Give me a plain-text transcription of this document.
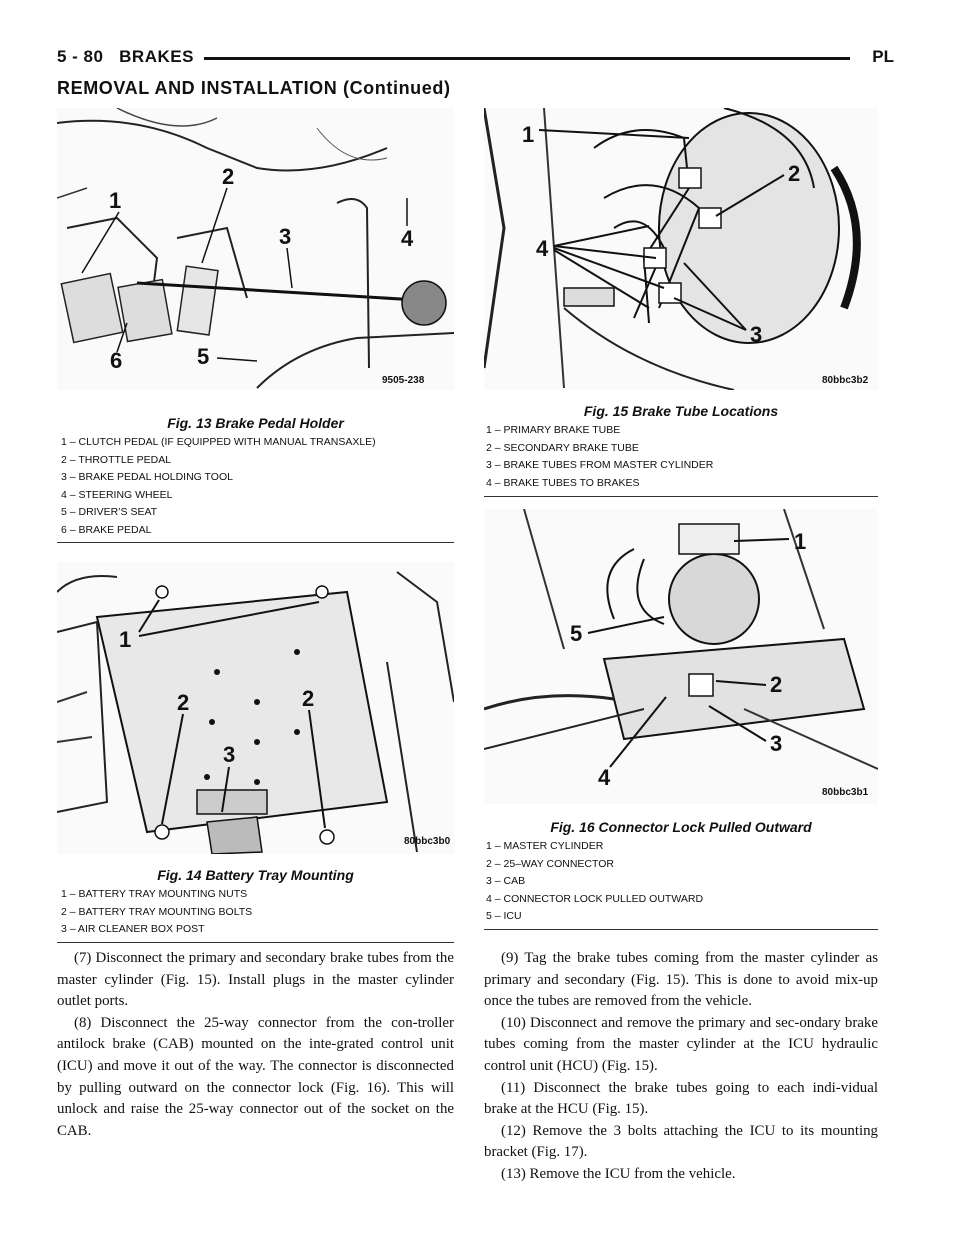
5 - 80 BRAKES	PL
REMOVAL AND INSTALLATION (Continued)
1
2
3	4
5
6
9505-238
Fig. 13 Brake Pedal Holder
1 – CLUTCH PEDAL (IF EQUIPPED WITH MANUAL TRANSAXLE)
2 – THROTTLE PEDAL
3 – BRAKE PEDAL HOLDING TOOL
4 – STEERING WHEEL
5 – DRIVER’S SEAT
6 – BRAKE PEDAL
1
2	2
3
80bbc3b0
Fig. 14 Battery Tray Mounting
1 – BATTERY TRAY MOUNTING NUTS
2 – BATTERY TRAY MOUNTING BOLTS
3 – AIR CLEANER BOX POST
1
2
4
3
80bbc3b2
Fig. 15 Brake Tube Locations
1 – PRIMARY BRAKE TUBE
2 – SECONDARY BRAKE TUBE
3 – BRAKE TUBES FROM MASTER CYLINDER
4 – BRAKE TUBES TO BRAKES
1
5
2
3
4
80bbc3b1
Fig. 16 Connector Lock Pulled Outward
1 – MASTER CYLINDER
2 – 25–WAY CONNECTOR
3 – CAB
4 – CONNECTOR LOCK PULLED OUTWARD
5 – ICU

(7) Disconnect the primary and secondary brake tubes from the master cylinder (Fig. 15). Install plugs in the master cylinder outlet ports.

(8) Disconnect the 25-way connector from the con-troller antilock brake (CAB) mounted on the inte-grated control unit (ICU) and move it out of the way. The connector is disconnected by pulling outward on the connector lock (Fig. 16). This will unlock and raise the 25-way connector out of the socket on the CAB.

(9) Tag the brake tubes coming from the master cylinder as primary and secondary (Fig. 15). This is done to avoid mix-up once the tubes are removed from the vehicle.

(10) Disconnect and remove the primary and sec-ondary brake tubes coming from the master cylinder at the ICU hydraulic control unit (HCU) (Fig. 15).

(11) Disconnect the brake tubes going to each indi-vidual brake at the HCU (Fig. 15).

(12) Remove the 3 bolts attaching the ICU to its mounting bracket (Fig. 17).

(13) Remove the ICU from the vehicle.
